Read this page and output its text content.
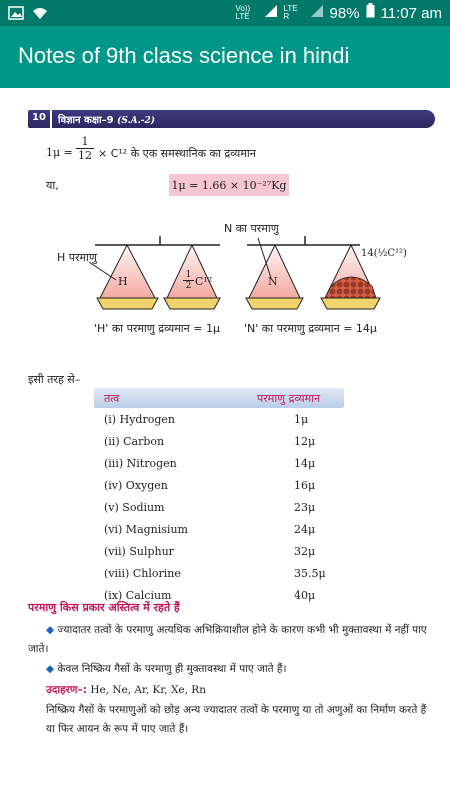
Vo)) LTE
LTE R	98% 11:07 am
Notes of 9th class science in hindi
10 विज्ञान कक्षा–9 (S.A.-2)
$1\mu = \frac{1}{12} \times C^{12}$ के एक समस्थानिक का द्रव्यमान
या,	1μ = 1.66 × 10⁻²⁷Kg
N का परमाणु
H परमाणु
H	$\frac{1}{2} C^{12}$	N
14(½C¹²)
'H' का परमाणु द्रव्यमान = 1μ 'N' का परमाणु द्रव्यमान = 14μ
इसी तरह से–
तत्व	परमाणु द्रव्यमान
(i) Hydrogen	1μ
(ii) Carbon	12μ
(iii) Nitrogen	14μ
(iv) Oxygen	16μ
(v) Sodium	23μ
(vi) Magnisium	24μ
(vii) Sulphur	32μ
(viii) Chlorine	35.5μ
(ix) Calcium	40μ
परमाणु किस प्रकार अस्तित्व में रहते हैं
◆ ज्यादातर तत्वों के परमाणु अत्यधिक अभिक्रियाशील होने के कारण कभी भी मुक्तावस्था में नहीं पाए जाते।
◆ केवल निष्क्रिय गैसों के परमाणु ही मुक्तावस्था में पाए जाते हैं।
उदाहरण–: He, Ne, Ar, Kr, Xe, Rn
निष्क्रिय गैसों के परमाणुओं को छोड़ अन्य ज्यादातर तत्वों के परमाणु या तो अणुओं का निर्माण करते हैं या फिर आयन के रूप में पाए जाते हैं।
